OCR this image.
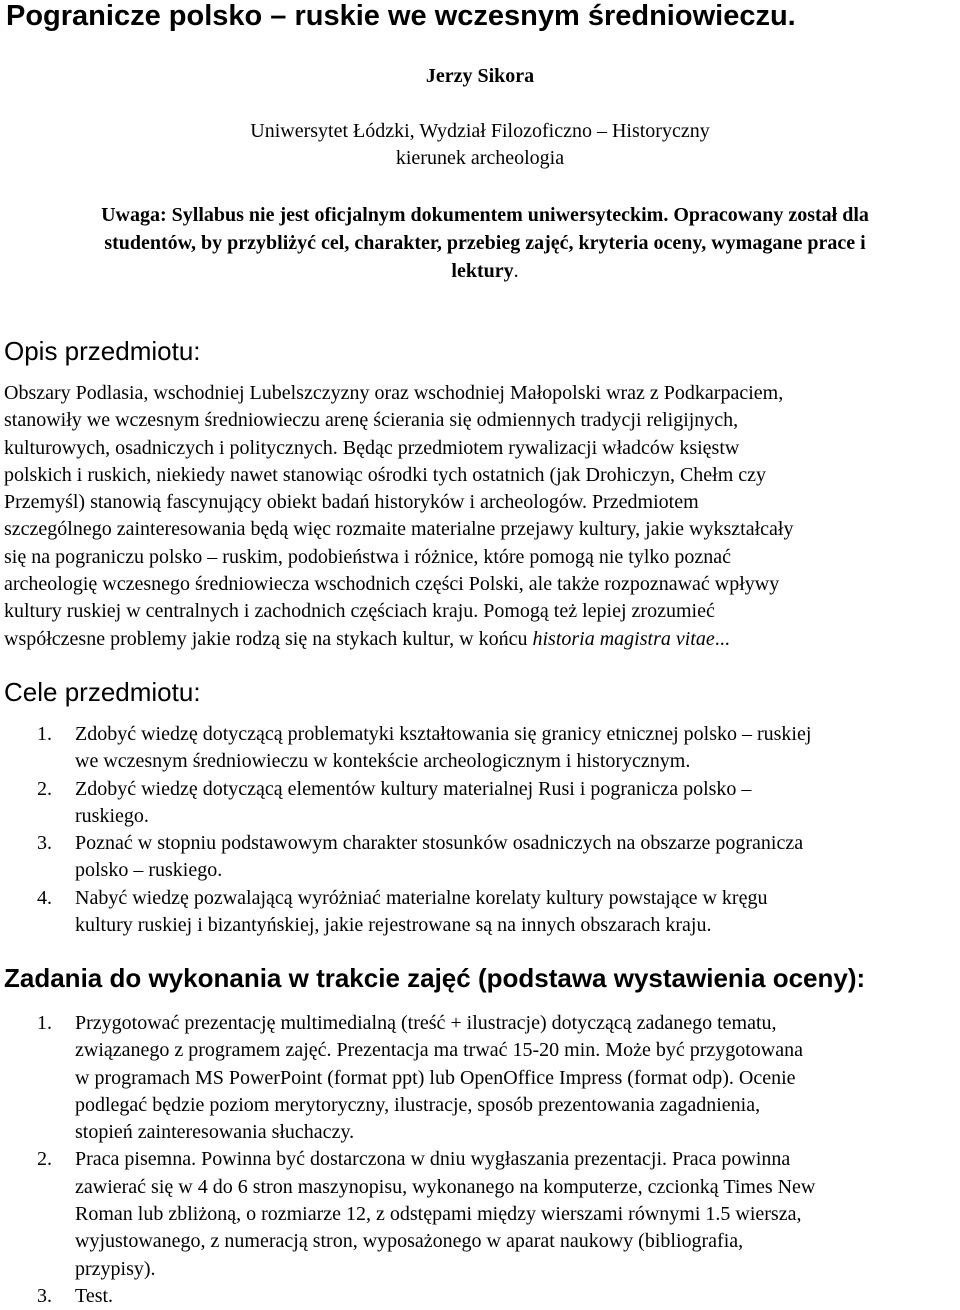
Pogranicze polsko – ruskie we wczesnym średniowieczu.
Jerzy Sikora
Uniwersytet Łódzki, Wydział Filozoficzno – Historyczny
kierunek archeologia
Uwaga: Syllabus nie jest oficjalnym dokumentem uniwersyteckim. Opracowany został dla
studentów, by przybliżyć cel, charakter, przebieg zajęć, kryteria oceny, wymagane prace i
lektury.
Opis przedmiotu:

Obszary Podlasia, wschodniej Lubelszczyzny oraz wschodniej Małopolski wraz z Podkarpaciem,
stanowiły we wczesnym średniowieczu arenę ścierania się odmiennych tradycji religijnych,
kulturowych, osadniczych i politycznych. Będąc przedmiotem rywalizacji władców księstw
polskich i ruskich, niekiedy nawet stanowiąc ośrodki tych ostatnich (jak Drohiczyn, Chełm czy
Przemyśl) stanowią fascynujący obiekt badań historyków i archeologów. Przedmiotem
szczególnego zainteresowania będą więc rozmaite materialne przejawy kultury, jakie wykształcały
się na pograniczu polsko – ruskim, podobieństwa i różnice, które pomogą nie tylko poznać
archeologię wczesnego średniowiecza wschodnich części Polski, ale także rozpoznawać wpływy
kultury ruskiej w centralnych i zachodnich częściach kraju. Pomogą też lepiej zrozumieć
współczesne problemy jakie rodzą się na stykach kultur, w końcu historia magistra vitae...

Cele przedmiotu:
1. Zdobyć wiedzę dotyczącą problematyki kształtowania się granicy etnicznej polsko – ruskiej
we wczesnym średniowieczu w kontekście archeologicznym i historycznym.
2. Zdobyć wiedzę dotyczącą elementów kultury materialnej Rusi i pogranicza polsko –
ruskiego.
3. Poznać w stopniu podstawowym charakter stosunków osadniczych na obszarze pogranicza
polsko – ruskiego.
4. Nabyć wiedzę pozwalającą wyróżniać materialne korelaty kultury powstające w kręgu
kultury ruskiej i bizantyńskiej, jakie rejestrowane są na innych obszarach kraju.
Zadania do wykonania w trakcie zajęć (podstawa wystawienia oceny):
1. Przygotować prezentację multimedialną (treść + ilustracje) dotyczącą zadanego tematu,
związanego z programem zajęć. Prezentacja ma trwać 15-20 min. Może być przygotowana
w programach MS PowerPoint (format ppt) lub OpenOffice Impress (format odp). Ocenie
podlegać będzie poziom merytoryczny, ilustracje, sposób prezentowania zagadnienia,
stopień zainteresowania słuchaczy.
2. Praca pisemna. Powinna być dostarczona w dniu wygłaszania prezentacji. Praca powinna
zawierać się w 4 do 6 stron maszynopisu, wykonanego na komputerze, czcionką Times New
Roman lub zbliżoną, o rozmiarze 12, z odstępami między wierszami równymi 1.5 wiersza,
wyjustowanego, z numeracją stron, wyposażonego w aparat naukowy (bibliografia,
przypisy).
3. Test.
